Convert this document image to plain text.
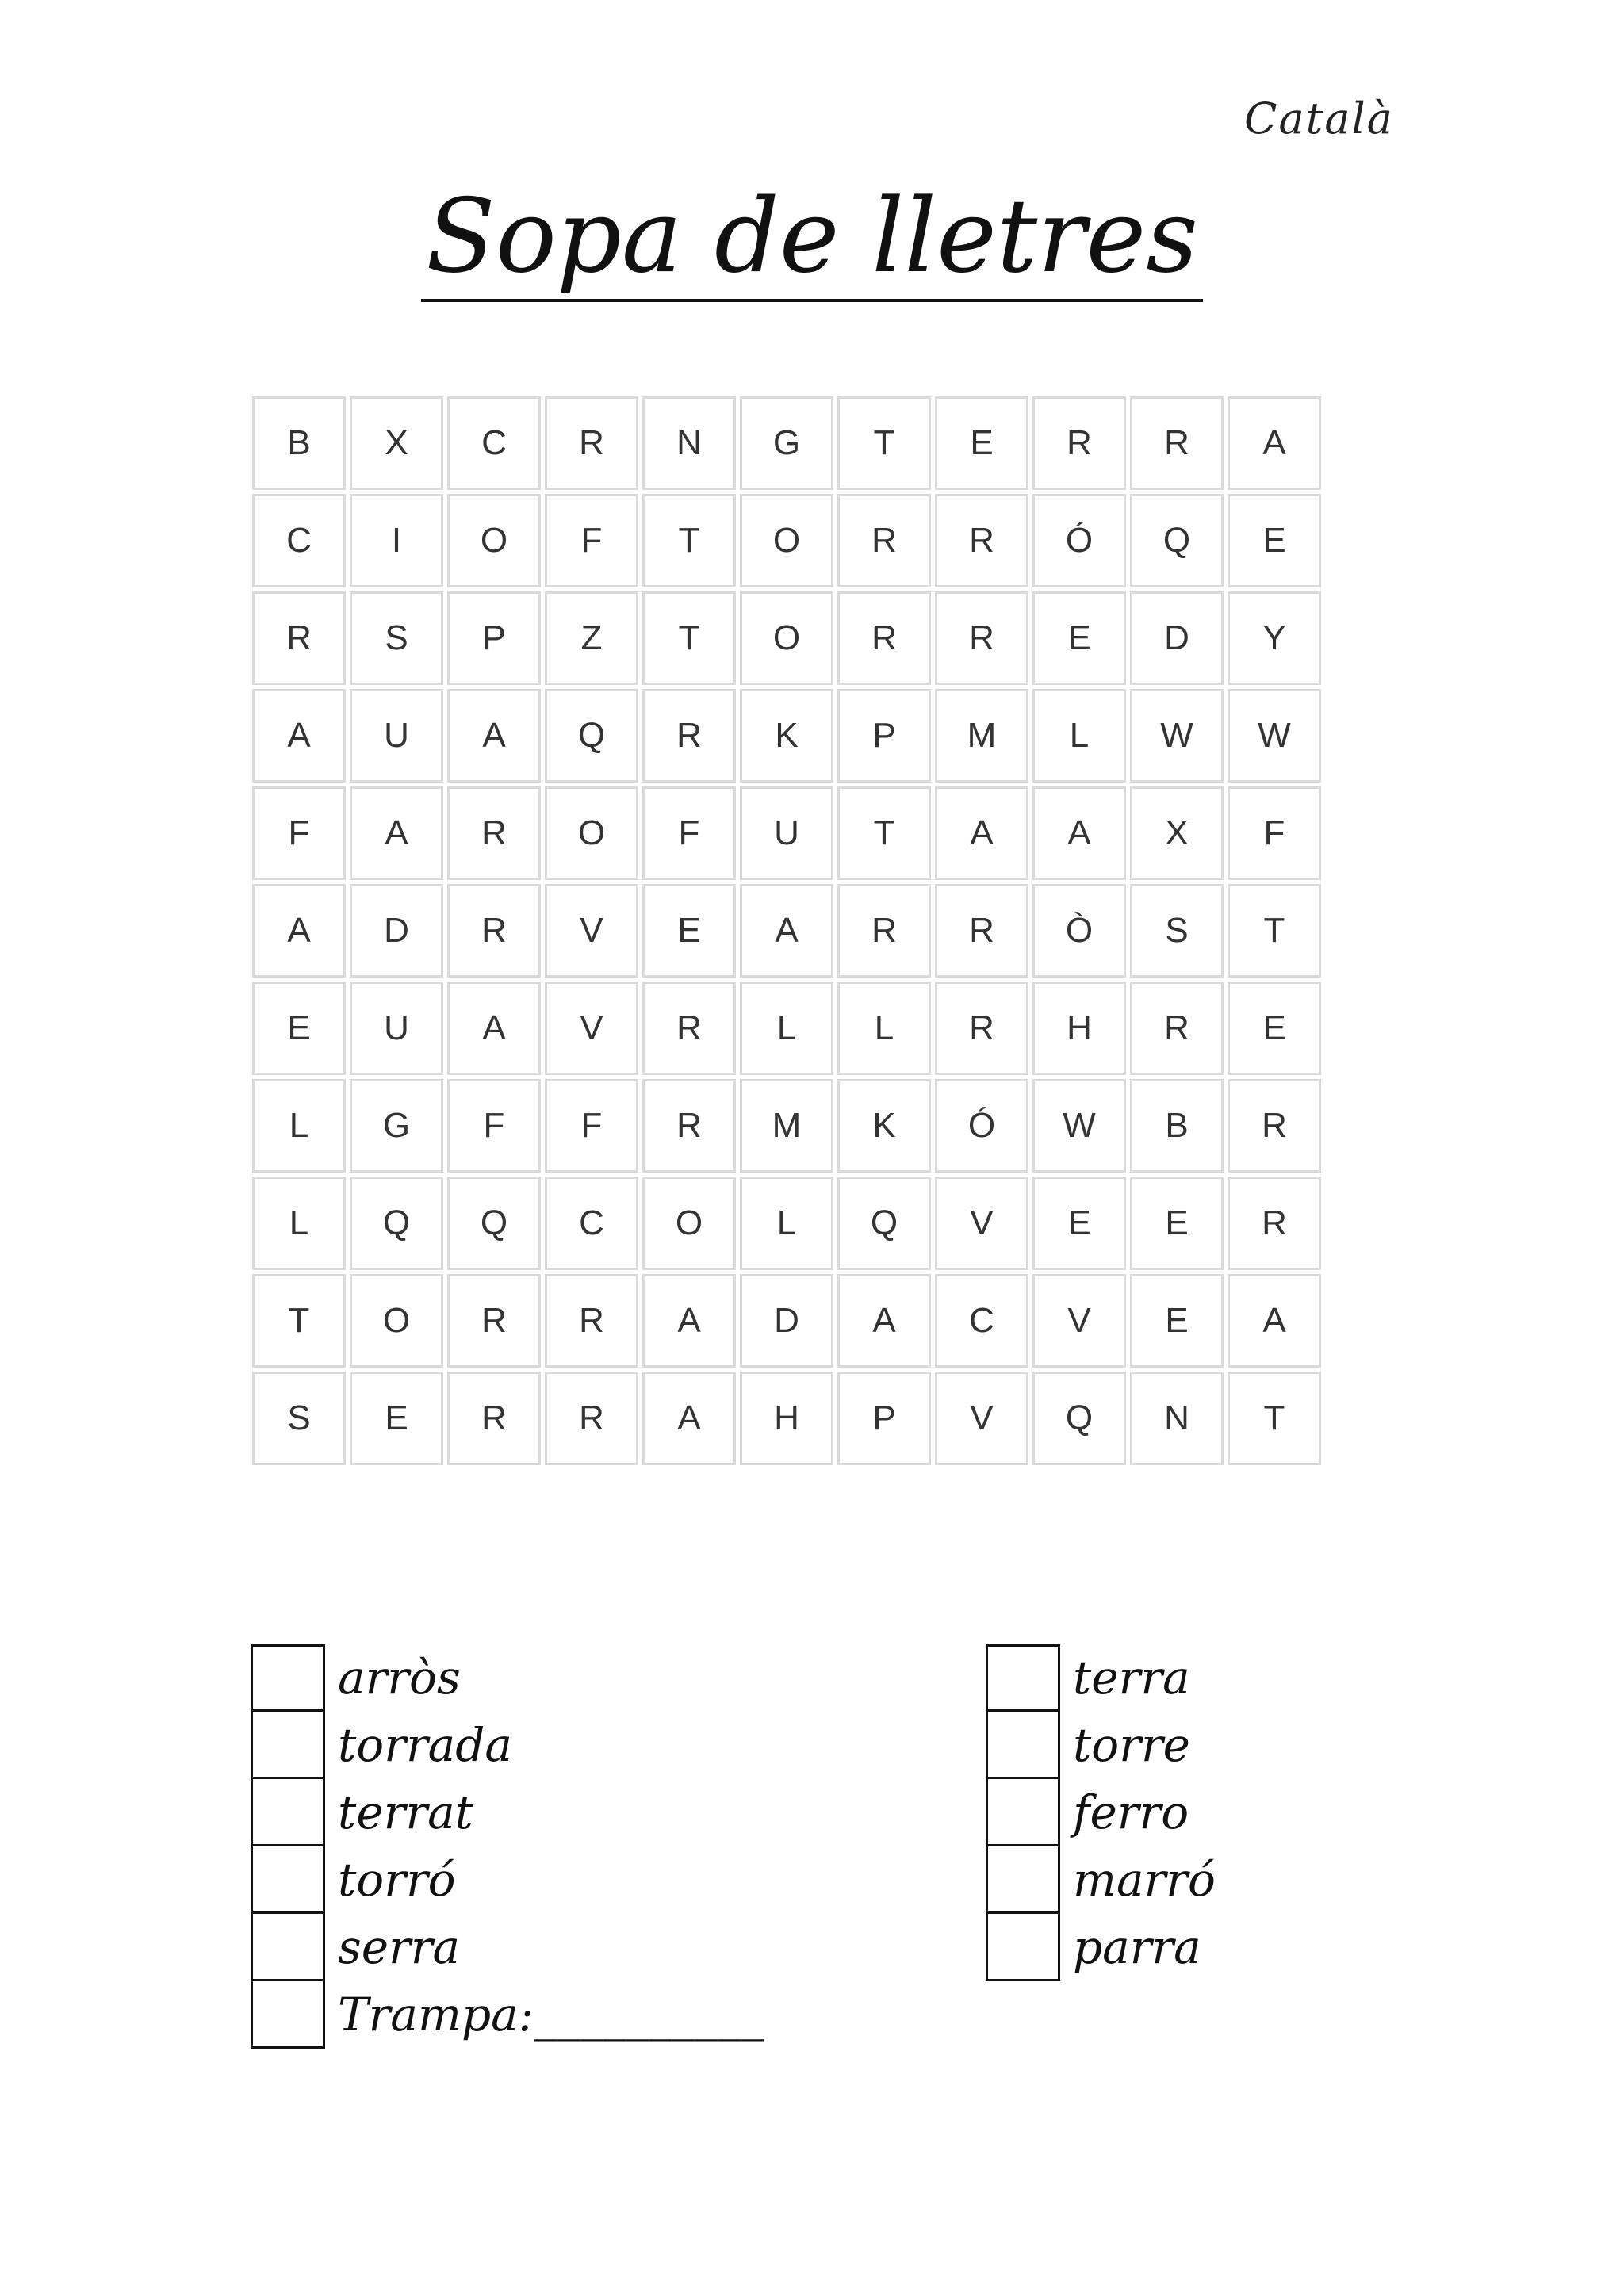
Català
Sopa de lletres
B	X	C	R	N	G	T	E	R	R	A
C	I	O	F	T	O	R	R	Ó	Q	E
R	S	P	Z	T	O	R	R	E	D	Y
A	U	A	Q	R	K	P	M	L	W	W
F	A	R	O	F	U	T	A	A	X	F
A	D	R	V	E	A	R	R	Ò	S	T
E	U	A	V	R	L	L	R	H	R	E
L	G	F	F	R	M	K	Ó	W	B	R
L	Q	Q	C	O	L	Q	V	E	E	R
T	O	R	R	A	D	A	C	V	E	A
S	E	R	R	A	H	P	V	Q	N	T
arròs
torrada
terrat
torró
serra
Trampa:__________
terra
torre
ferro
marró
parra
